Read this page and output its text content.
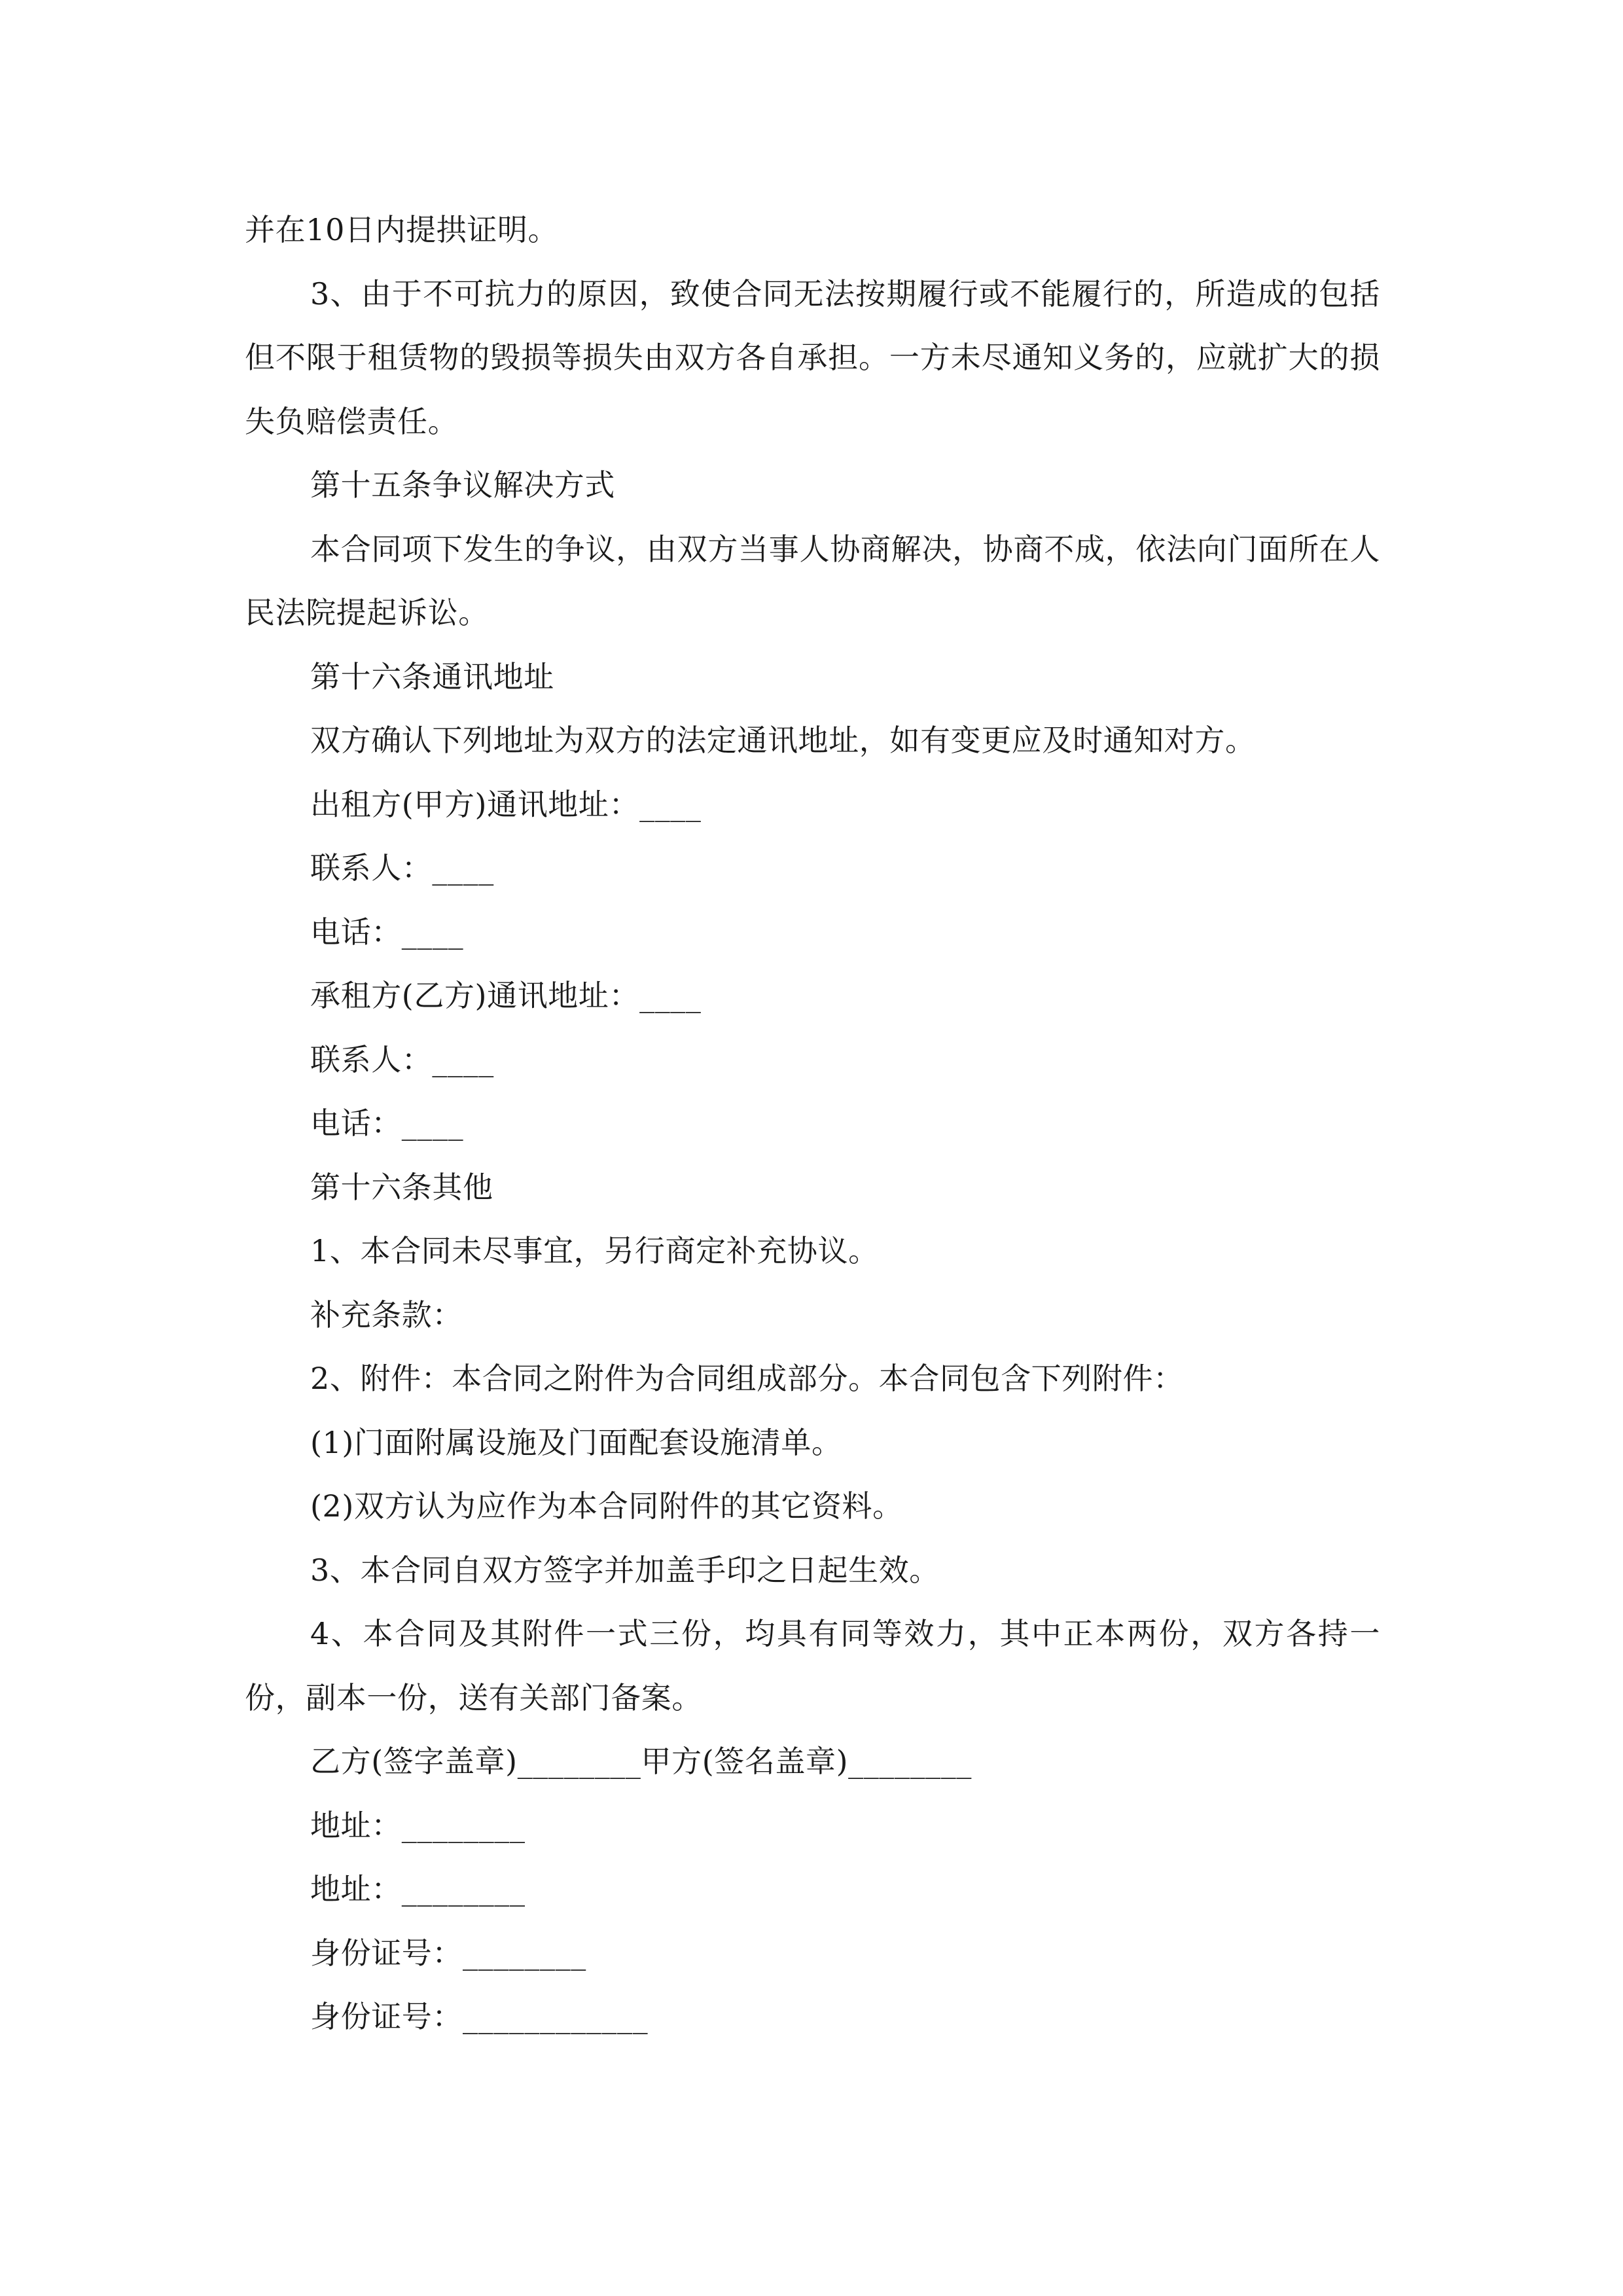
并在10日内提拱证明。

3、由于不可抗力的原因，致使合同无法按期履行或不能履行的，所造成的包括但不限于租赁物的毁损等损失由双方各自承担。一方未尽通知义务的，应就扩大的损失负赔偿责任。

第十五条争议解决方式

本合同项下发生的争议，由双方当事人协商解决，协商不成，依法向门面所在人民法院提起诉讼。

第十六条通讯地址

双方确认下列地址为双方的法定通讯地址，如有变更应及时通知对方。

出租方(甲方)通讯地址：____

联系人：____

电话：____

承租方(乙方)通讯地址：____

联系人：____

电话：____

第十六条其他

1、本合同未尽事宜，另行商定补充协议。

补充条款：

2、附件：本合同之附件为合同组成部分。本合同包含下列附件：

(1)门面附属设施及门面配套设施清单。

(2)双方认为应作为本合同附件的其它资料。

3、本合同自双方签字并加盖手印之日起生效。

4、本合同及其附件一式三份，均具有同等效力，其中正本两份，双方各持一份，副本一份，送有关部门备案。

乙方(签字盖章)________甲方(签名盖章)________

地址：________

地址：________

身份证号：________

身份证号：____________
